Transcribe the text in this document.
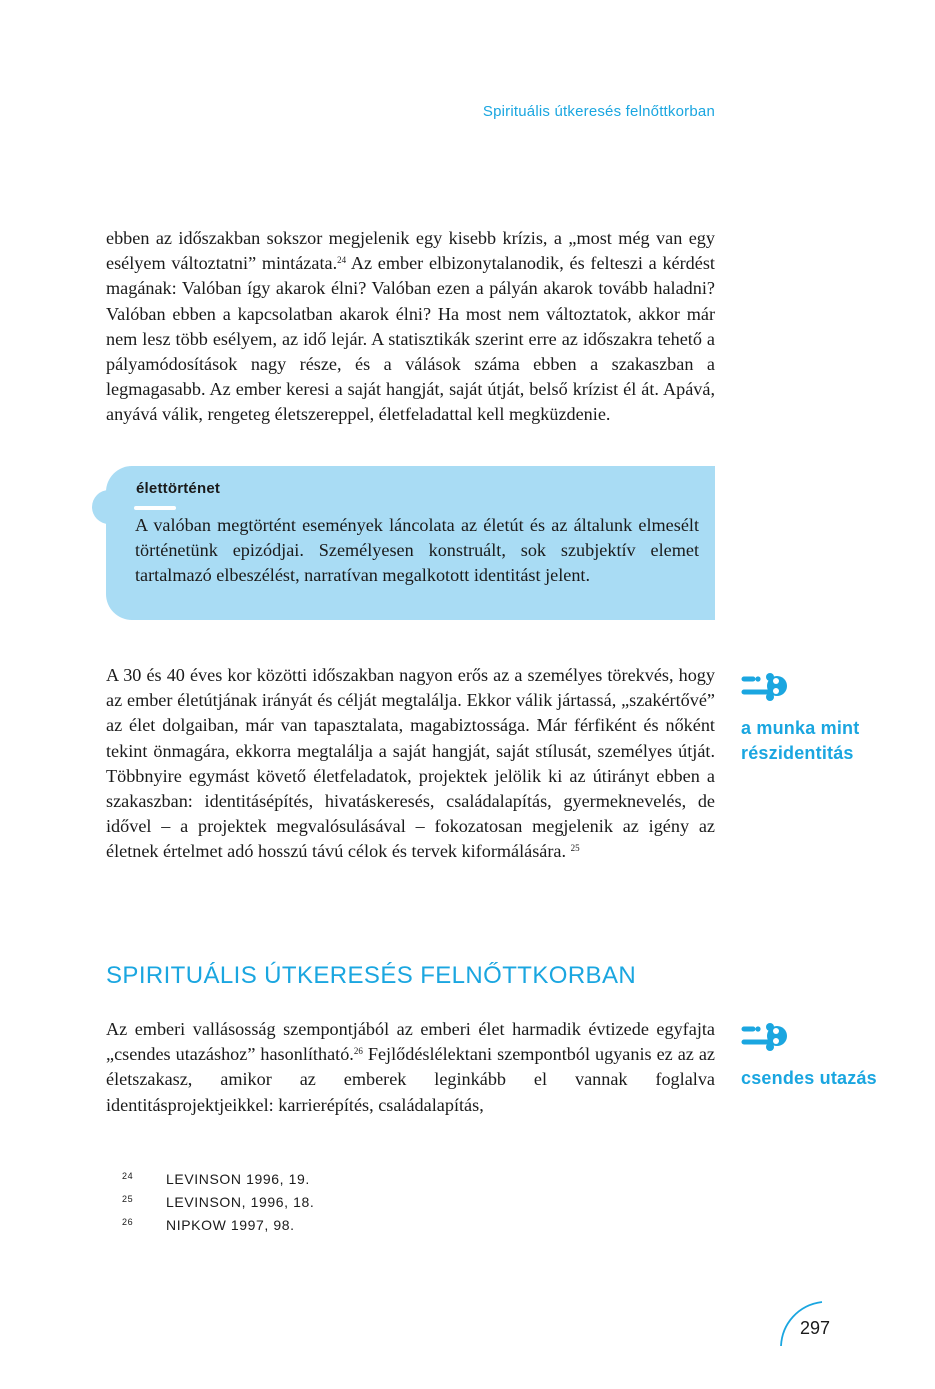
Spirituális útkeresés felnőttkorban

ebben az időszakban sokszor megjelenik egy kisebb krízis, a „most még van egy esélyem változtatni” mintázata.$^{24}$ Az ember elbizonytalanodik, és felteszi a kérdést magának: Valóban így akarok élni? Valóban ezen a pályán akarok tovább haladni? Valóban ebben a kapcsolatban akarok élni? Ha most nem változtatok, akkor már nem lesz több esélyem, az idő lejár. A statisztikák szerint erre az időszakra tehető a pályamódosítások nagy része, és a válások száma ebben a szakaszban a legmagasabb. Az ember keresi a saját hangját, saját útját, belső krízist él át. Apává, anyává válik, rengeteg életszereppel, életfeladattal kell megküzdenie.

élettörténet

A valóban megtörtént események láncolata az életút és az általunk elmesélt történetünk epizódjai. Személyesen konstruált, sok szubjektív elemet tartalmazó elbeszélést, narratívan megalkotott identitást jelent.

A 30 és 40 éves kor közötti időszakban nagyon erős az a személyes törekvés, hogy az ember életútjának irányát és célját megtalálja. Ekkor válik jártassá, „szakértővé” az élet dolgaiban, már van tapasztalata, magabiztossága. Már férfiként és nőként tekint önmagára, ekkorra megtalálja a saját hangját, saját stílusát, személyes útját. Többnyire egymást követő életfeladatok, projektek jelölik ki az útirányt ebben a szakaszban: identitásépítés, hivatáskeresés, családalapítás, gyermeknevelés, de idővel – a projektek megvalósulásával – fokozatosan megjelenik az igény az életnek értelmet adó hosszú távú célok és tervek kiformálására. $^{25}$

a munka mint részidentitás
SPIRITUÁLIS ÚTKERESÉS FELNŐTTKORBAN

Az emberi vallásosság szempontjából az emberi élet harmadik évtizede egyfajta „csendes utazáshoz” hasonlítható.$^{26}$ Fejlődéslélektani szempontból ugyanis ez az az életszakasz, amikor az emberek leginkább el vannak foglalva identitásprojektjeikkel: karrierépítés, családalapítás,

csendes utazás
24 LEVINSON 1996, 19.
25 LEVINSON, 1996, 18.
26 NIPKOW 1997, 98.
297
